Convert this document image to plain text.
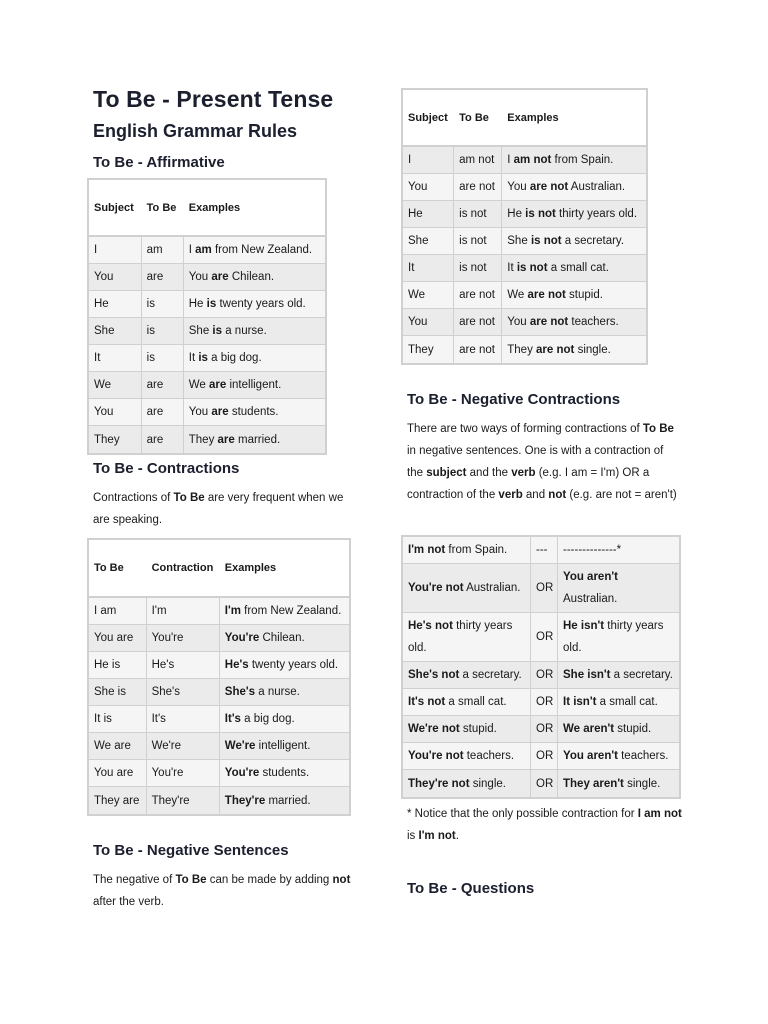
To Be - Present Tense
English Grammar Rules
To Be - Affirmative
Subject	To Be	Examples
I	am	I am from New Zealand.
You	are	You are Chilean.
He	is	He is twenty years old.
She	is	She is a nurse.
It	is	It is a big dog.
We	are	We are intelligent.
You	are	You are students.
They	are	They are married.
To Be - Contractions

Contractions of To Be are very frequent when we are speaking.

To Be	Contraction	Examples
I am	I'm	I'm from New Zealand.
You are	You're	You're Chilean.
He is	He's	He's twenty years old.
She is	She's	She's a nurse.
It is	It's	It's a big dog.
We are	We're	We're intelligent.
You are	You're	You're students.
They are	They're	They're married.
To Be - Negative Sentences

The negative of To Be can be made by adding not after the verb.

Subject	To Be	Examples
I	am not	I am not from Spain.
You	are not	You are not Australian.
He	is not	He is not thirty years old.
She	is not	She is not a secretary.
It	is not	It is not a small cat.
We	are not	We are not stupid.
You	are not	You are not teachers.
They	are not	They are not single.
To Be - Negative Contractions

There are two ways of forming contractions of To Be in negative sentences. One is with a contraction of the subject and the verb (e.g. I am = I'm) OR a contraction of the verb and not (e.g. are not = aren't)

I'm not from Spain.	---	--------------*
You're not Australian.	OR	You aren't
Australian.
He's not thirty years old.	OR	He isn't thirty years old.
She's not a secretary.	OR	She isn't a secretary.
It's not a small cat.	OR	It isn't a small cat.
We're not stupid.	OR	We aren't stupid.
You're not teachers.	OR	You aren't teachers.
They're not single.	OR	They aren't single.

* Notice that the only possible contraction for I am not is I'm not.

To Be - Questions
